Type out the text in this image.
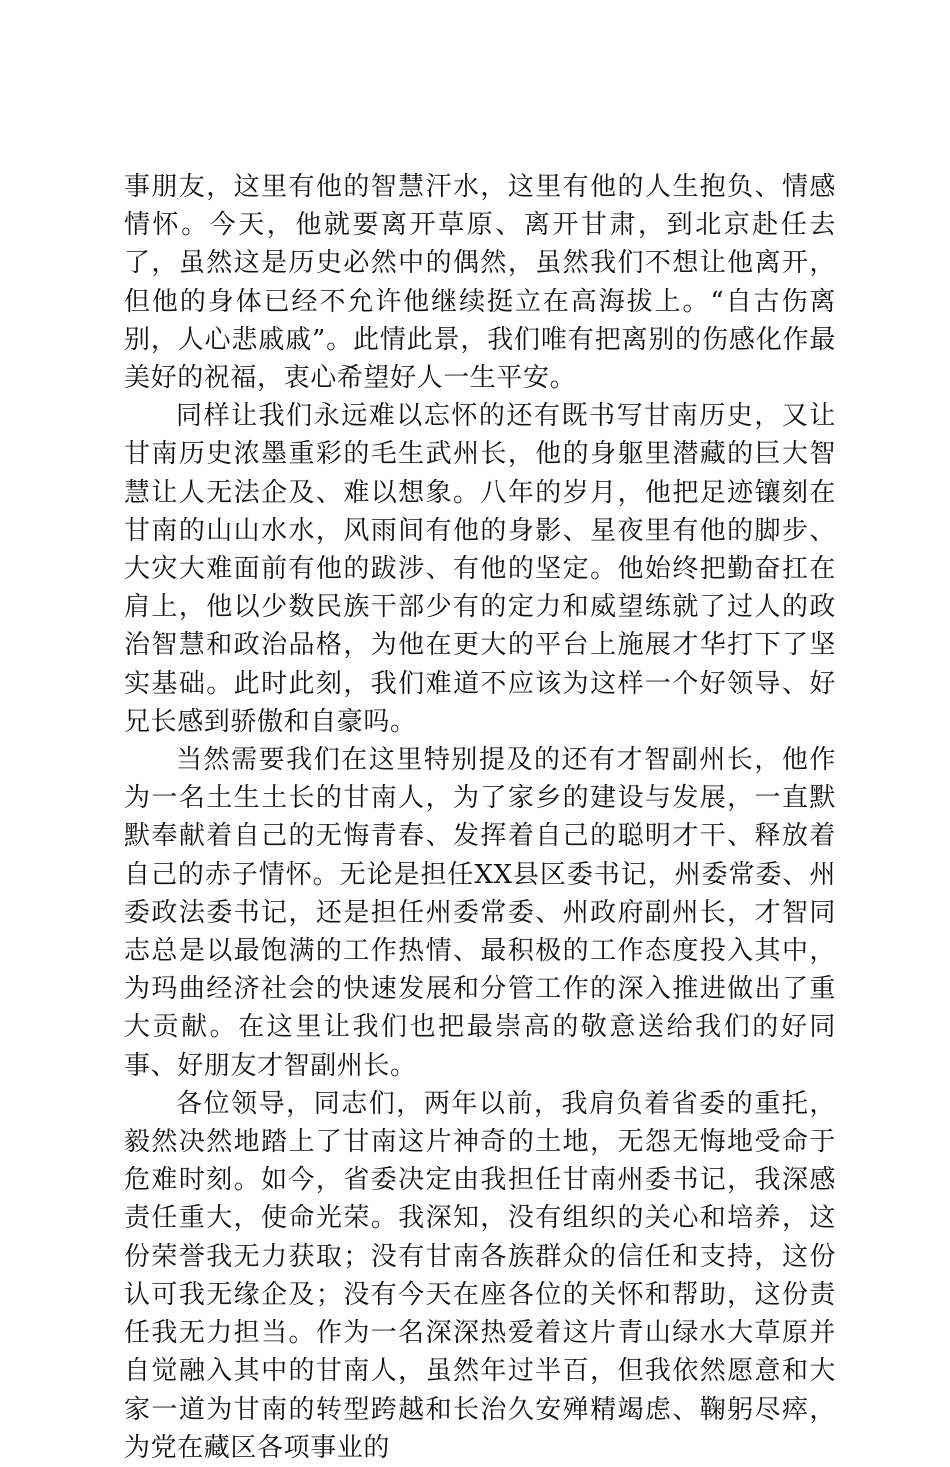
事朋友，这里有他的智慧汗水，这里有他的人生抱负、情感情怀。今天，他就要离开草原、离开甘肃，到北京赴任去了，虽然这是历史必然中的偶然，虽然我们不想让他离开，但他的身体已经不允许他继续挺立在高海拔上。“自古伤离别，人心悲戚戚”。此情此景，我们唯有把离别的伤感化作最美好的祝福，衷心希望好人一生平安。

同样让我们永远难以忘怀的还有既书写甘南历史，又让甘南历史浓墨重彩的毛生武州长，他的身躯里潜藏的巨大智慧让人无法企及、难以想象。八年的岁月，他把足迹镶刻在甘南的山山水水，风雨间有他的身影、星夜里有他的脚步、大灾大难面前有他的跋涉、有他的坚定。他始终把勤奋扛在肩上，他以少数民族干部少有的定力和威望练就了过人的政治智慧和政治品格，为他在更大的平台上施展才华打下了坚实基础。此时此刻，我们难道不应该为这样一个好领导、好兄长感到骄傲和自豪吗。

当然需要我们在这里特别提及的还有才智副州长，他作为一名土生土长的甘南人，为了家乡的建设与发展，一直默默奉献着自己的无悔青春、发挥着自己的聪明才干、释放着自己的赤子情怀。无论是担任XX县区委书记，州委常委、州委政法委书记，还是担任州委常委、州政府副州长，才智同志总是以最饱满的工作热情、最积极的工作态度投入其中，为玛曲经济社会的快速发展和分管工作的深入推进做出了重大贡献。在这里让我们也把最崇高的敬意送给我们的好同事、好朋友才智副州长。

各位领导，同志们，两年以前，我肩负着省委的重托，毅然决然地踏上了甘南这片神奇的土地，无怨无悔地受命于危难时刻。如今，省委决定由我担任甘南州委书记，我深感责任重大，使命光荣。我深知，没有组织的关心和培养，这份荣誉我无力获取；没有甘南各族群众的信任和支持，这份认可我无缘企及；没有今天在座各位的关怀和帮助，这份责任我无力担当。作为一名深深热爱着这片青山绿水大草原并自觉融入其中的甘南人，虽然年过半百，但我依然愿意和大家一道为甘南的转型跨越和长治久安殚精竭虑、鞠躬尽瘁，为党在藏区各项事业的
